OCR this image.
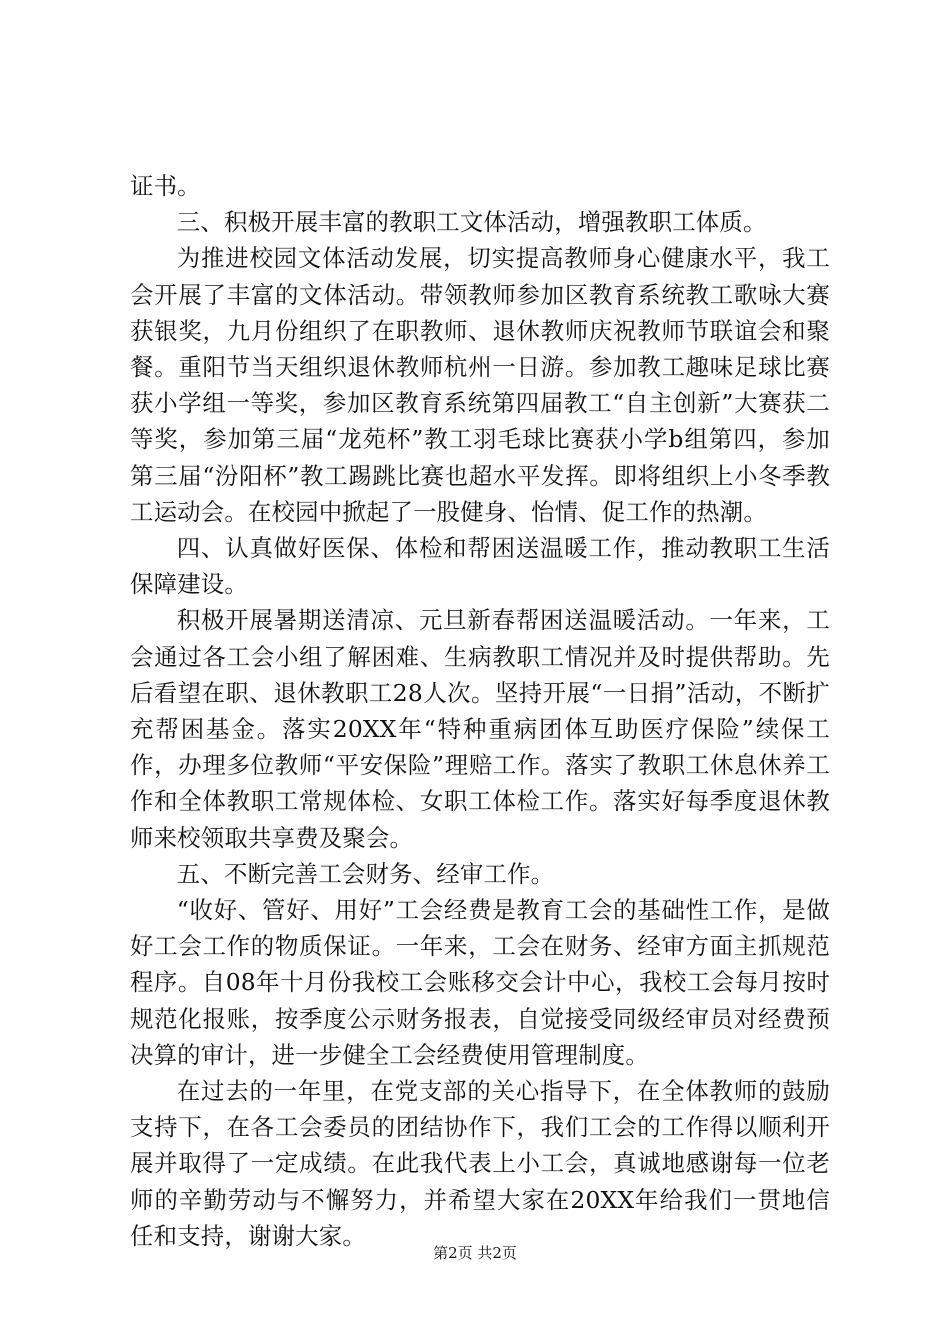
证书。

三、积极开展丰富的教职工文体活动，增强教职工体质。

为推进校园文体活动发展，切实提高教师身心健康水平，我工会开展了丰富的文体活动。带领教师参加区教育系统教工歌咏大赛获银奖，九月份组织了在职教师、退休教师庆祝教师节联谊会和聚餐。重阳节当天组织退休教师杭州一日游。参加教工趣味足球比赛获小学组一等奖，参加区教育系统第四届教工“自主创新”大赛获二等奖，参加第三届“龙苑杯”教工羽毛球比赛获小学b组第四，参加第三届“汾阳杯”教工踢跳比赛也超水平发挥。即将组织上小冬季教工运动会。在校园中掀起了一股健身、怡情、促工作的热潮。

四、认真做好医保、体检和帮困送温暖工作，推动教职工生活保障建设。

积极开展暑期送清凉、元旦新春帮困送温暖活动。一年来，工会通过各工会小组了解困难、生病教职工情况并及时提供帮助。先后看望在职、退休教职工28人次。坚持开展“一日捐”活动，不断扩充帮困基金。落实20XX年“特种重病团体互助医疗保险”续保工作，办理多位教师“平安保险”理赔工作。落实了教职工休息休养工作和全体教职工常规体检、女职工体检工作。落实好每季度退休教师来校领取共享费及聚会。

五、不断完善工会财务、经审工作。

“收好、管好、用好”工会经费是教育工会的基础性工作，是做好工会工作的物质保证。一年来，工会在财务、经审方面主抓规范程序。自08年十月份我校工会账移交会计中心，我校工会每月按时规范化报账，按季度公示财务报表，自觉接受同级经审员对经费预决算的审计，进一步健全工会经费使用管理制度。

在过去的一年里，在党支部的关心指导下，在全体教师的鼓励支持下，在各工会委员的团结协作下，我们工会的工作得以顺利开展并取得了一定成绩。在此我代表上小工会，真诚地感谢每一位老师的辛勤劳动与不懈努力，并希望大家在20XX年给我们一贯地信任和支持，谢谢大家。

第2页 共2页
